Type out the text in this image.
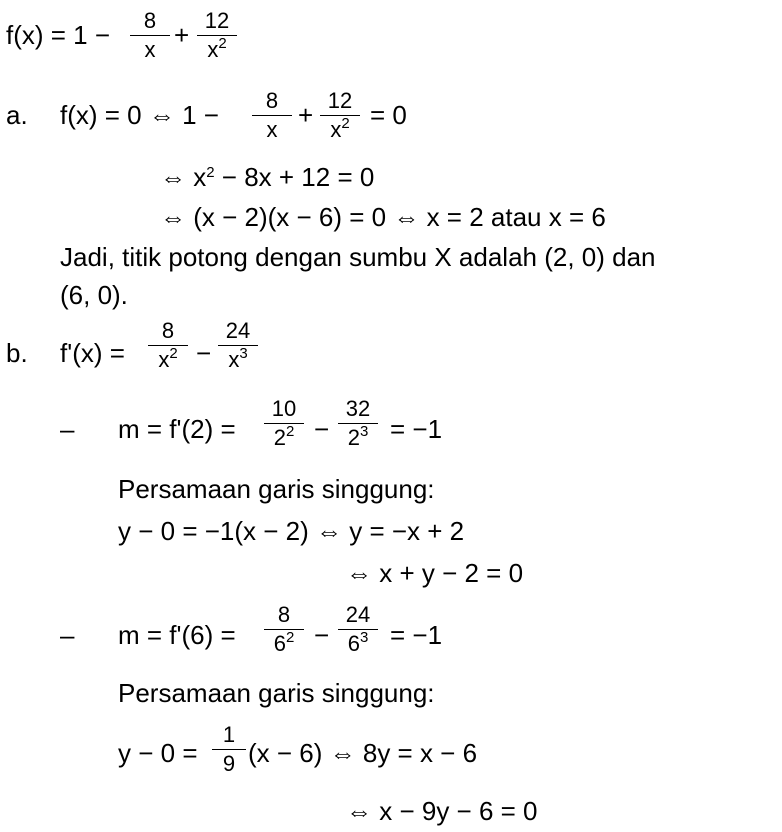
f(x) = 1 −	8
x + 12
$x^2$
a. f(x) = 0 ⇔ 1 −	8
x + 12
$x^2 = 0$
⇔ $x^2 - 8x + 12 = 0$
⇔ (x − 2)(x − 6) = 0 ⇔ x = 2 atau x = 6
Jadi, titik potong dengan sumbu X adalah (2, 0) dan
(6, 0).
b. f'(x) =
8
$x^2$ −
24
$x^3$
– m = f'(2) =
10
$2^2$ −
32
$2^3 = -1$
Persamaan garis singgung:
y − 0 = −1(x − 2) ⇔ y = −x + 2
⇔ x + y − 2 = 0
– m = f'(6) =
8
$6^2$ −
24
$6^3 = -1$
Persamaan garis singgung:
y − 0 =
1
9 (x − 6) ⇔ 8y = x − 6
⇔ x − 9y − 6 = 0
